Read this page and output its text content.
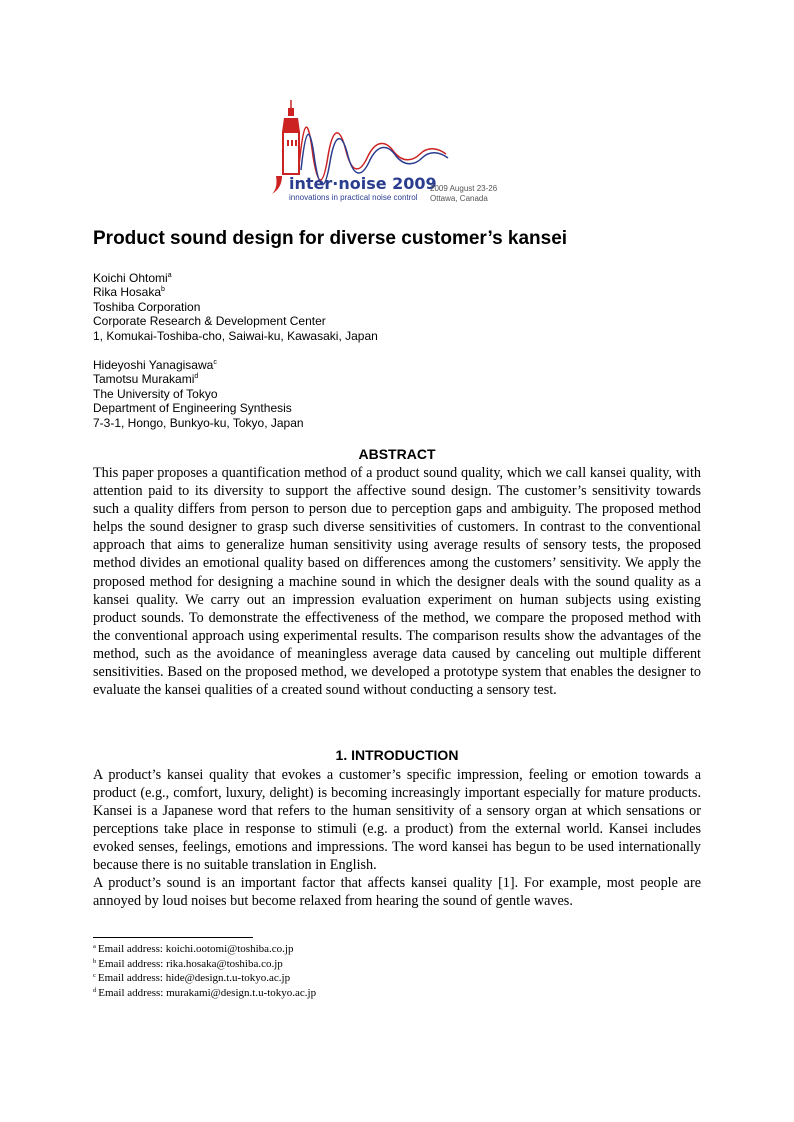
inter·noise 2009
innovations in practical noise control
2009 August 23-26
Ottawa, Canada
Product sound design for diverse customer’s kansei
Koichi Ohtomi$^a$
Rika Hosaka$^b$
Toshiba Corporation
Corporate Research & Development Center
1, Komukai-Toshiba-cho, Saiwai-ku, Kawasaki, Japan
Hideyoshi Yanagisawa$^c$
Tamotsu Murakami$^d$
The University of Tokyo
Department of Engineering Synthesis
7-3-1, Hongo, Bunkyo-ku, Tokyo, Japan
ABSTRACT

This paper proposes a quantification method of a product sound quality, which we call kansei quality, with attention paid to its diversity to support the affective sound design. The customer’s sensitivity towards such a quality differs from person to person due to perception gaps and ambiguity. The proposed method helps the sound designer to grasp such diverse sensitivities of customers. In contrast to the conventional approach that aims to generalize human sensitivity using average results of sensory tests, the proposed method divides an emotional quality based on differences among the customers’ sensitivity. We apply the proposed method for designing a machine sound in which the designer deals with the sound quality as a kansei quality. We carry out an impression evaluation experiment on human subjects using existing product sounds. To demonstrate the effectiveness of the method, we compare the proposed method with the conventional approach using experimental results. The comparison results show the advantages of the method, such as the avoidance of meaningless average data caused by canceling out multiple different sensitivities. Based on the proposed method, we developed a prototype system that enables the designer to evaluate the kansei qualities of a created sound without conducting a sensory test.

1. INTRODUCTION

A product’s kansei quality that evokes a customer’s specific impression, feeling or emotion towards a product (e.g., comfort, luxury, delight) is becoming increasingly important especially for mature products. Kansei is a Japanese word that refers to the human sensitivity of a sensory organ at which sensations or perceptions take place in response to stimuli (e.g. a product) from the external world. Kansei includes evoked senses, feelings, emotions and impressions. The word kansei has begun to be used internationally because there is no suitable translation in English.

A product’s sound is an important factor that affects kansei quality [1]. For example, most people are annoyed by loud noises but become relaxed from hearing the sound of gentle waves.

$^a$ Email address: koichi.ootomi@toshiba.co.jp
$^b$ Email address: rika.hosaka@toshiba.co.jp
$^c$ Email address: hide@design.t.u-tokyo.ac.jp
$^d$ Email address: murakami@design.t.u-tokyo.ac.jp
